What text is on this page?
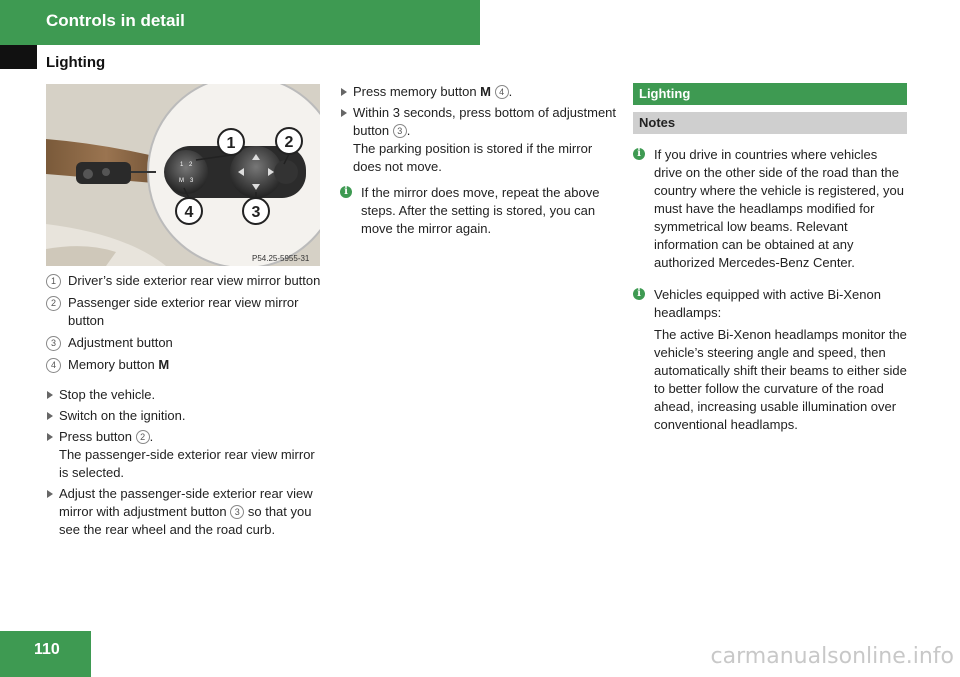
Controls in detail
Lighting
1 2
M 3
1	2
3
4
P54.25-5955-31
1 Driver’s side exterior rear view mirror button
2 Passenger side exterior rear view mirror button
3 Adjustment button
4 Memory button M
Stop the vehicle.
Switch on the ignition.
Press button 2 .
The passenger-side exterior rear view mirror is selected.
Adjust the passenger-side exterior rear view mirror with adjustment button 3 so that you see the rear wheel and the road curb.
Press memory button M 4 .
Within 3 seconds, press bottom of adjustment button 3 .
The parking position is stored if the mirror does not move.
i	If the mirror does move, repeat the above steps. After the setting is stored, you can move the mirror again.
Lighting
Notes
i	If you drive in countries where vehicles drive on the other side of the road than the country where the vehicle is registered, you must have the headlamps modified for symmetrical low beams. Relevant information can be obtained at any authorized Mercedes-Benz Center.
i	Vehicles equipped with active Bi-Xenon headlamps:
The active Bi-Xenon headlamps monitor the vehicle’s steering angle and speed, then automatically shift their beams to either side to better follow the curvature of the road ahead, increasing usable illumination over conventional headlamps.
110	carmanualsonline.info
